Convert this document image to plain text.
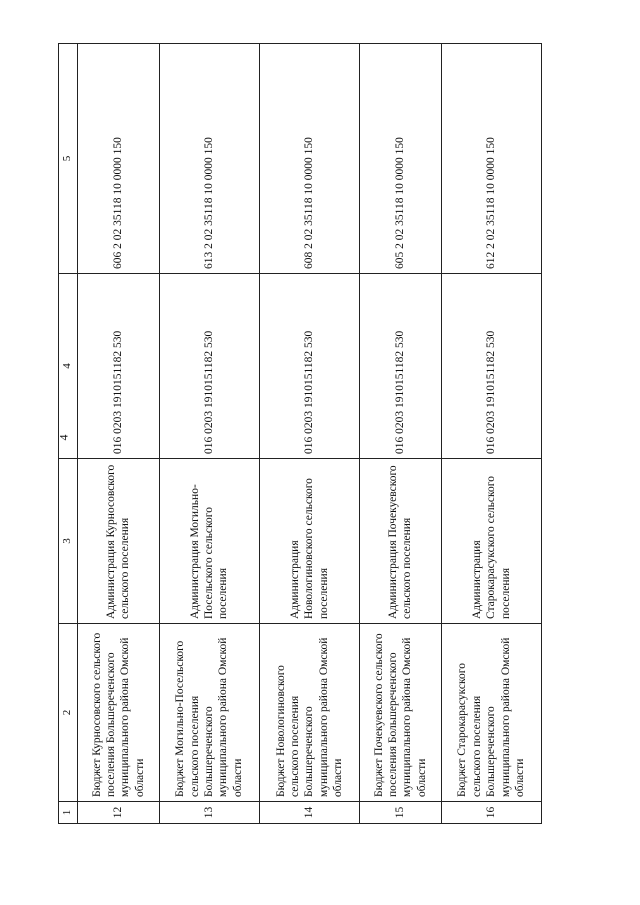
4
1	2	3	4	5
12	Бюджет Курносовского сельского поселения Большереченского муниципального района Омской области	Администрация Курносовского сельского поселения	016 0203 1910151182 530	606 2 02 35118 10 0000 150
13	Бюджет Могильно-Посельского сельского поселения Большереченского муниципального района Омской области	Администрация Могильно-Посельского сельского поселения	016 0203 1910151182 530	613 2 02 35118 10 0000 150
14	Бюджет Новологиновского сельского поселения Большереченского муниципального района Омской области	Администрация Новологиновского сельского поселения	016 0203 1910151182 530	608 2 02 35118 10 0000 150
15	Бюджет Почекуевского сельского поселения Большереченского муниципального района Омской области	Администрация Почекуевского сельского поселения	016 0203 1910151182 530	605 2 02 35118 10 0000 150
16	Бюджет Старокарасукского сельского поселения Большереченского муниципального района Омской области	Администрация Старокарасукского сельского поселения	016 0203 1910151182 530	612 2 02 35118 10 0000 150
